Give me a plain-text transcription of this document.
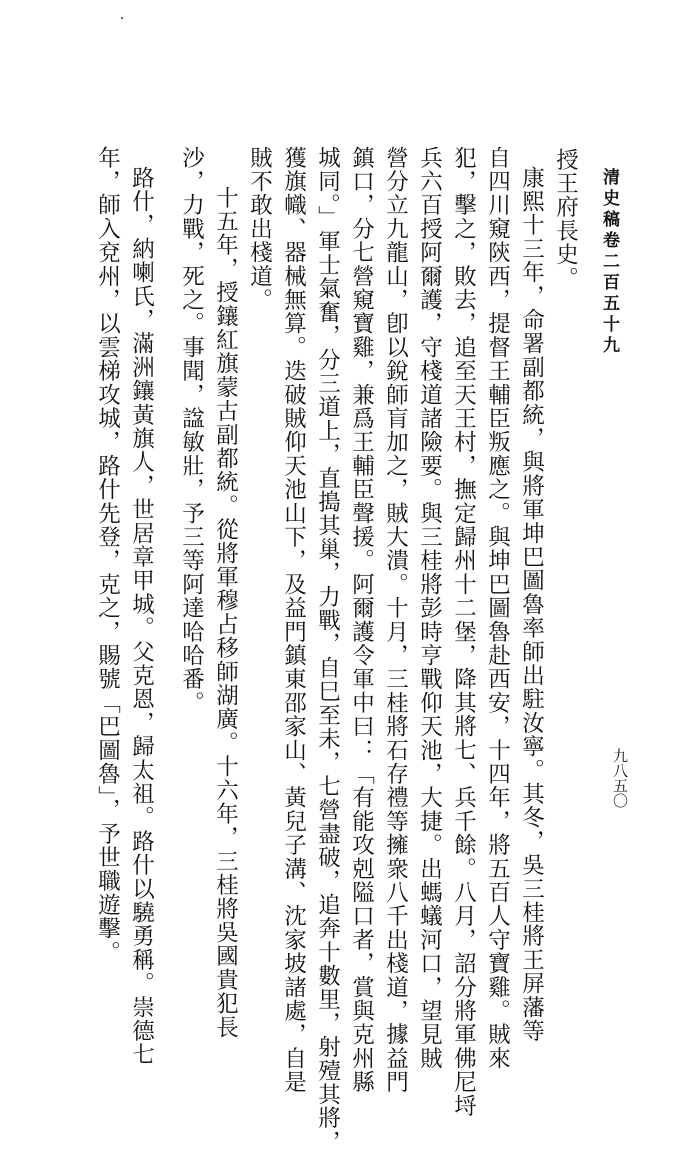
清史稿卷二百五十九
九八五〇
授王府長史。
康熙十三年，命署副都統，與將軍坤巴圖魯率師出駐汝寧。其冬，吳三桂將王屏藩等
自四川窺陝西，提督王輔臣叛應之。與坤巴圖魯赴西安，十四年，將五百人守寶雞。賊來
犯，擊之，敗去，追至天王村，撫定歸州十二堡，降其將七、兵千餘。八月，詔分將軍佛尼埒
兵六百授阿爾護，守棧道諸險要。與三桂將彭時亨戰仰天池，大捷。出螞蟻河口，望見賊
營分立九龍山，卽以銳師肓加之，賊大潰。十月，三桂將石存禮等擁衆八千出棧道，據益門
鎮口，分七營窺寶雞，兼爲王輔臣聲援。阿爾護令軍中曰：「有能攻剋隘口者，賞與克州縣
城同。」軍士氣奮，分三道上，直搗其巢，力戰，自巳至未，七營盡破，追奔十數里，射殪其將，
獲旗幟、器械無算。迭破賊仰天池山下，及益門鎮東邵家山、黃兒子溝、沈家坡諸處，自是
賊不敢出棧道。
十五年，授鑲紅旗蒙古副都統。從將軍穆占移師湖廣。十六年，三桂將吳國貴犯長
沙，力戰，死之。事聞，諡敏壯，予三等阿達哈哈番。
路什，納喇氏，滿洲鑲黃旗人，世居章甲城。父克恩，歸太祖。路什以驍勇稱。崇德七
年，師入兗州，以雲梯攻城，路什先登，克之，賜號「巴圖魯」，予世職遊擊。
